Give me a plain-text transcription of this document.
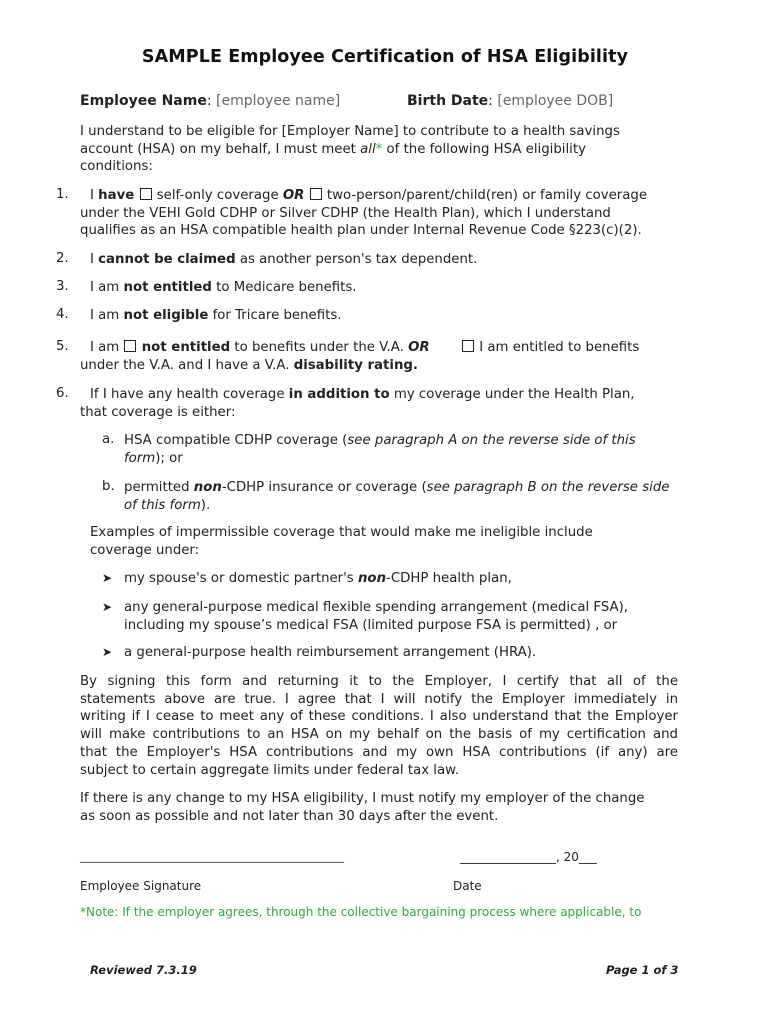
SAMPLE Employee Certification of HSA Eligibility
Employee Name: [employee name]	Birth Date: [employee DOB]
I understand to be eligible for [Employer Name] to contribute to a health savings
account (HSA) on my behalf, I must meet all* of the following HSA eligibility
conditions:
1.	I have  self-only coverage OR  two-person/parent/child(ren) or family coverage
under the VEHI Gold CDHP or Silver CDHP (the Health Plan), which I understand
qualifies as an HSA compatible health plan under Internal Revenue Code §223(c)(2).
2.	I cannot be claimed as another person's tax dependent.
3.	I am not entitled to Medicare benefits.
4.	I am not eligible for Tricare benefits.
5.	I am  not entitled to benefits under the V.A. OR	I am entitled to benefits
under the V.A. and I have a V.A. disability rating.
6.	If I have any health coverage in addition to my coverage under the Health Plan,
that coverage is either:
a. HSA compatible CDHP coverage (see paragraph A on the reverse side of this
form); or
b. permitted non-CDHP insurance or coverage (see paragraph B on the reverse side
of this form).
Examples of impermissible coverage that would make me ineligible include
coverage under:
➤ my spouse's or domestic partner's non-CDHP health plan,
➤ any general-purpose medical flexible spending arrangement (medical FSA),
including my spouse’s medical FSA (limited purpose FSA is permitted) , or
➤ a general-purpose health reimbursement arrangement (HRA).
By signing this form and returning it to the Employer, I certify that all of the
statements above are true. I agree that I will notify the Employer immediately in
writing if I cease to meet any of these conditions. I also understand that the Employer
will make contributions to an HSA on my behalf on the basis of my certification and
that the Employer's HSA contributions and my own HSA contributions (if any) are
subject to certain aggregate limits under federal tax law.
If there is any change to my HSA eligibility, I must notify my employer of the change
as soon as possible and not later than 30 days after the event.
________________________________________________	________________, 20___
Employee Signature	Date
*Note: If the employer agrees, through the collective bargaining process where applicable, to
Reviewed 7.3.19	Page 1 of 3
